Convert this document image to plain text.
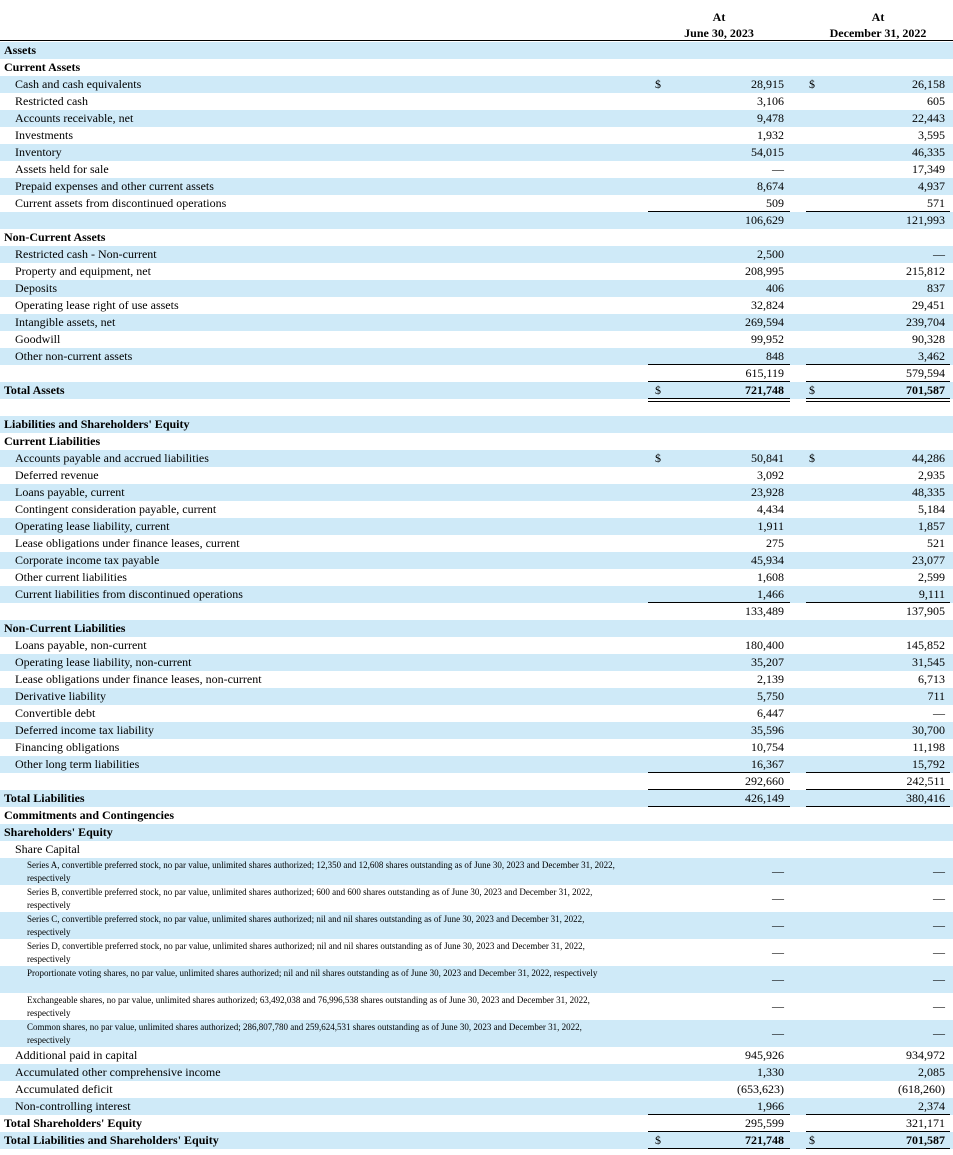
At
June 30, 2023
At
December 31, 2022
Assets
Current Assets
Cash and cash equivalents	$	28,915 $	26,158
Restricted cash	3,106	605
Accounts receivable, net	9,478	22,443
Investments	1,932	3,595
Inventory	54,015	46,335
Assets held for sale	—	17,349
Prepaid expenses and other current assets	8,674	4,937
Current assets from discontinued operations	509	571
106,629	121,993
Non-Current Assets
Restricted cash - Non-current	2,500	—
Property and equipment, net	208,995	215,812
Deposits	406	837
Operating lease right of use assets	32,824	29,451
Intangible assets, net	269,594	239,704
Goodwill	99,952	90,328
Other non-current assets	848	3,462
615,119	579,594
Total Assets	$	721,748 $	701,587
Liabilities and Shareholders' Equity
Current Liabilities
Accounts payable and accrued liabilities	$	50,841 $	44,286
Deferred revenue	3,092	2,935
Loans payable, current	23,928	48,335
Contingent consideration payable, current	4,434	5,184
Operating lease liability, current	1,911	1,857
Lease obligations under finance leases, current	275	521
Corporate income tax payable	45,934	23,077
Other current liabilities	1,608	2,599
Current liabilities from discontinued operations	1,466	9,111
133,489	137,905
Non-Current Liabilities
Loans payable, non-current	180,400	145,852
Operating lease liability, non-current	35,207	31,545
Lease obligations under finance leases, non-current	2,139	6,713
Derivative liability	5,750	711
Convertible debt	6,447	—
Deferred income tax liability	35,596	30,700
Financing obligations	10,754	11,198
Other long term liabilities	16,367	15,792
292,660	242,511
Total Liabilities	426,149	380,416
Commitments and Contingencies
Shareholders' Equity
Share Capital
Series A, convertible preferred stock, no par value, unlimited shares authorized; 12,350 and 12,608 shares outstanding as of June 30, 2023 and December 31, 2022, respectively	—	—
Series B, convertible preferred stock, no par value, unlimited shares authorized; 600 and 600 shares outstanding as of June 30, 2023 and December 31, 2022, respectively	—	—
Series C, convertible preferred stock, no par value, unlimited shares authorized; nil and nil shares outstanding as of June 30, 2023 and December 31, 2022, respectively	—	—
Series D, convertible preferred stock, no par value, unlimited shares authorized; nil and nil shares outstanding as of June 30, 2023 and December 31, 2022, respectively	—	—
Proportionate voting shares, no par value, unlimited shares authorized; nil and nil shares outstanding as of June 30, 2023 and December 31, 2022, respectively	—	—
Exchangeable shares, no par value, unlimited shares authorized; 63,492,038 and 76,996,538 shares outstanding as of June 30, 2023 and December 31, 2022, respectively	—	—
Common shares, no par value, unlimited shares authorized; 286,807,780 and 259,624,531 shares outstanding as of June 30, 2023 and December 31, 2022, respectively	—	—
Additional paid in capital	945,926	934,972
Accumulated other comprehensive income	1,330	2,085
Accumulated deficit	(653,623)	(618,260)
Non-controlling interest	1,966	2,374
Total Shareholders' Equity	295,599	321,171
Total Liabilities and Shareholders' Equity	$	721,748 $	701,587
